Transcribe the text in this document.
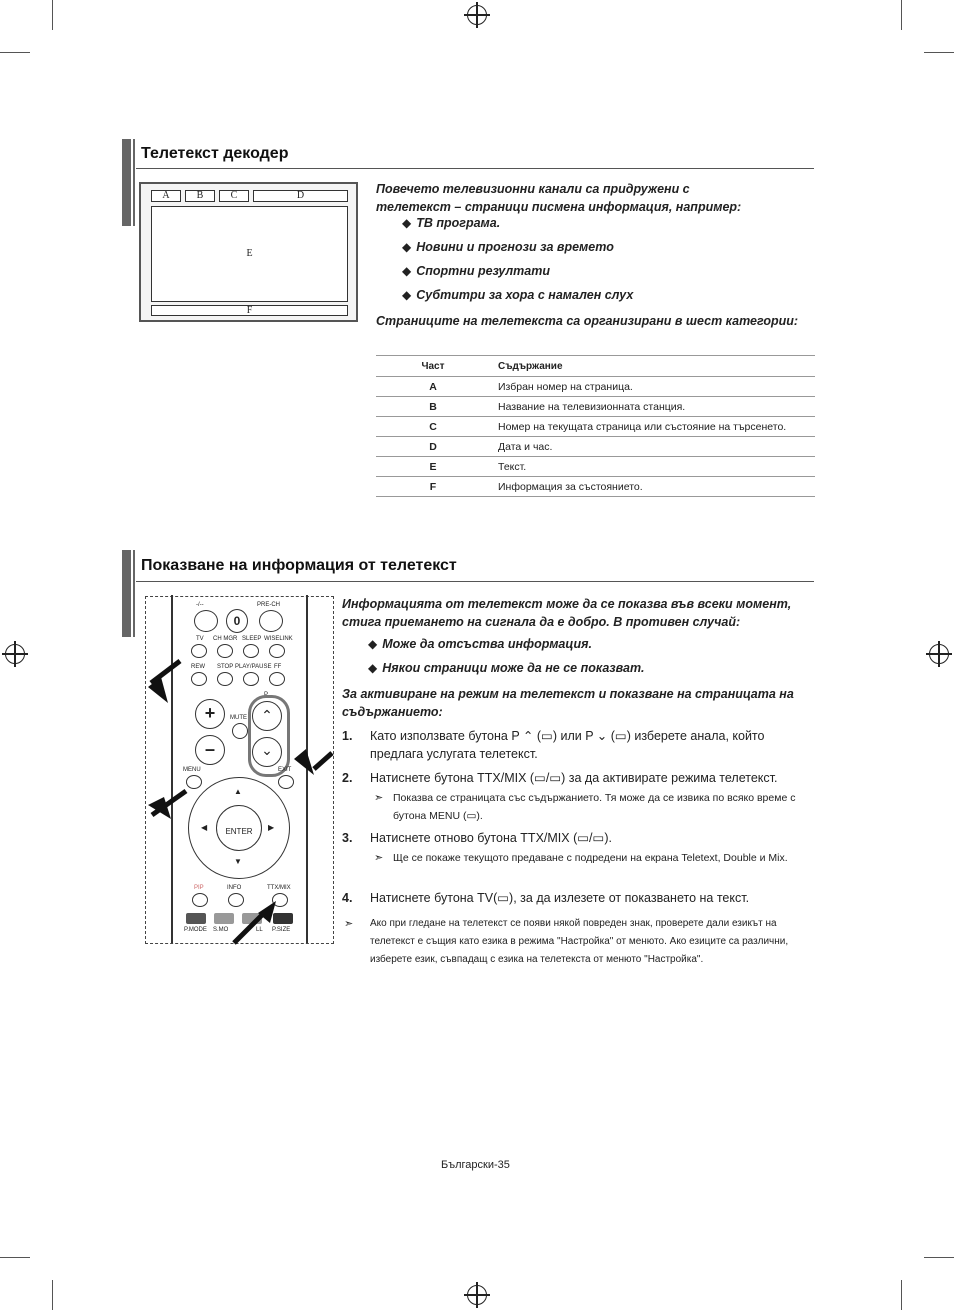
Телетекст декодер
A	B	C	D
E
F
Повечето телевизионни канали са придружени с телетекст – страници писмена информация, например:
◆ ТВ програма.
◆ Новини и прогнози за времето
◆ Спортни резултати
◆ Субтитри за хора с намален слух
Страниците на телетекста са организирани в шест категории:
Част	Съдържание
A	Избран номер на страница.
B	Название на телевизионната станция.
C	Номер на текущата страница или състояние на търсенето.
D	Дата и час.
E	Текст.
F	Информация за състоянието.
Показване на информация от телетекст
-/--
0
PRE-CH
TV CH MGR SLEEP WISELINK
REW STOP PLAY/PAUSE FF
P
+	MUTE	⌃
⌄
–
MENU	EXIT
ENTER
▲
▼
◀	▶
PIP	INFO	TTX/MIX
P.MODE S.MO	LL P.SIZE
Информацията от телетекст може да се показва във всеки момент, стига приемането на сигнала да е добро. В противен случай:
◆ Може да отсъства информация.
◆ Някои страници може да не се показват.
За активиране на режим на телетекст и показване на страницата на съдържанието:
1. Като използвате бутона P ⌃ (▭) или P ⌄ (▭) изберете анала, който предлага услугата телетекст.
2. Натиснете бутона TTX/MIX (▭/▭) за да активирате режима телетекст.
➣ Показва се страницата със съдържанието. Тя може да се извика по всяко време с бутона MENU (▭).
3. Натиснете отново бутона TTX/MIX (▭/▭).
➣ Ще се покаже текущото предаване с подредени на екрана Teletext, Double и Mix.
4. Натиснете бутона TV(▭), за да излезете от показването на текст.
➣ Ако при гледане на телетекст се появи някой повреден знак, проверете дали езикът на телетекст е същия като езика в режима "Настройка" от менюто. Ако езиците са различни, изберете език, съвпадащ с езика на телетекста от менюто "Настройка".
Български-35
